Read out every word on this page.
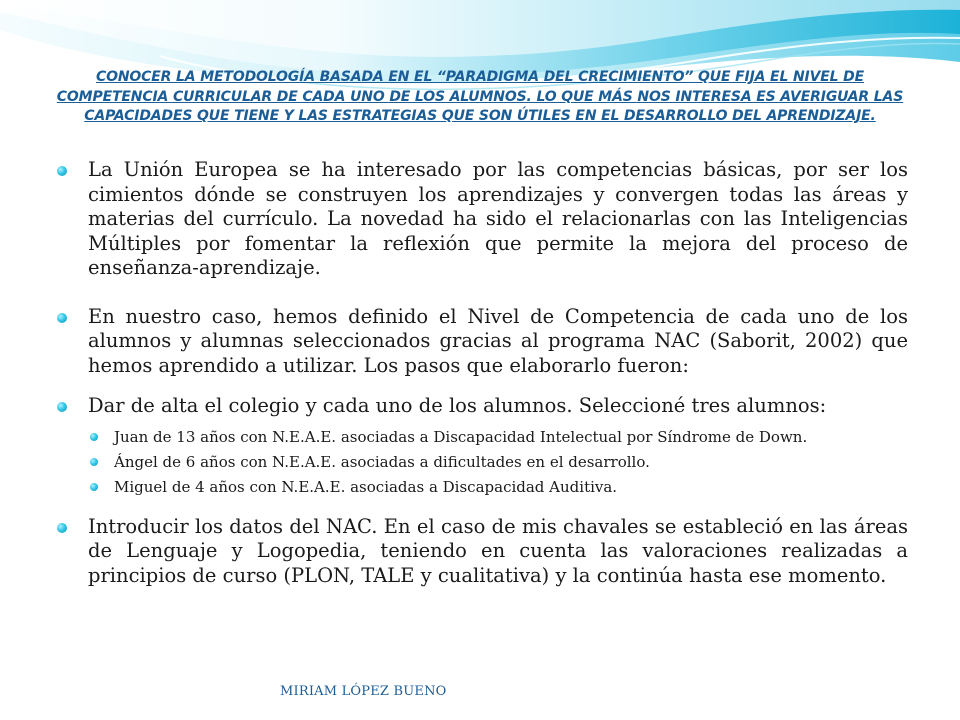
CONOCER LA METODOLOGÍA BASADA EN EL “PARADIGMA DEL CRECIMIENTO” QUE FIJA EL NIVEL DE COMPETENCIA CURRICULAR DE CADA UNO DE LOS ALUMNOS. LO QUE MÁS NOS INTERESA ES AVERIGUAR LAS CAPACIDADES QUE TIENE Y LAS ESTRATEGIAS QUE SON ÚTILES EN EL DESARROLLO DEL APRENDIZAJE.
La Unión Europea se ha interesado por las competencias básicas, por ser los cimientos dónde se construyen los aprendizajes y convergen todas las áreas y materias del currículo. La novedad ha sido el relacionarlas con las Inteligencias Múltiples por fomentar la reflexión que permite la mejora del proceso de enseñanza-aprendizaje.
En nuestro caso, hemos definido el Nivel de Competencia de cada uno de los alumnos y alumnas seleccionados gracias al programa NAC (Saborit, 2002) que hemos aprendido a utilizar. Los pasos que elaborarlo fueron:
Dar de alta el colegio y cada uno de los alumnos. Seleccioné tres alumnos:
Juan de 13 años con N.E.A.E. asociadas a Discapacidad Intelectual por Síndrome de Down.
Ángel de 6 años con N.E.A.E. asociadas a dificultades en el desarrollo.
Miguel de 4 años con N.E.A.E. asociadas a Discapacidad Auditiva.
Introducir los datos del NAC. En el caso de mis chavales se estableció en las áreas de Lenguaje y Logopedia, teniendo en cuenta las valoraciones realizadas a principios de curso (PLON, TALE y cualitativa) y la continúa hasta ese momento.
MIRIAM LÓPEZ BUENO
